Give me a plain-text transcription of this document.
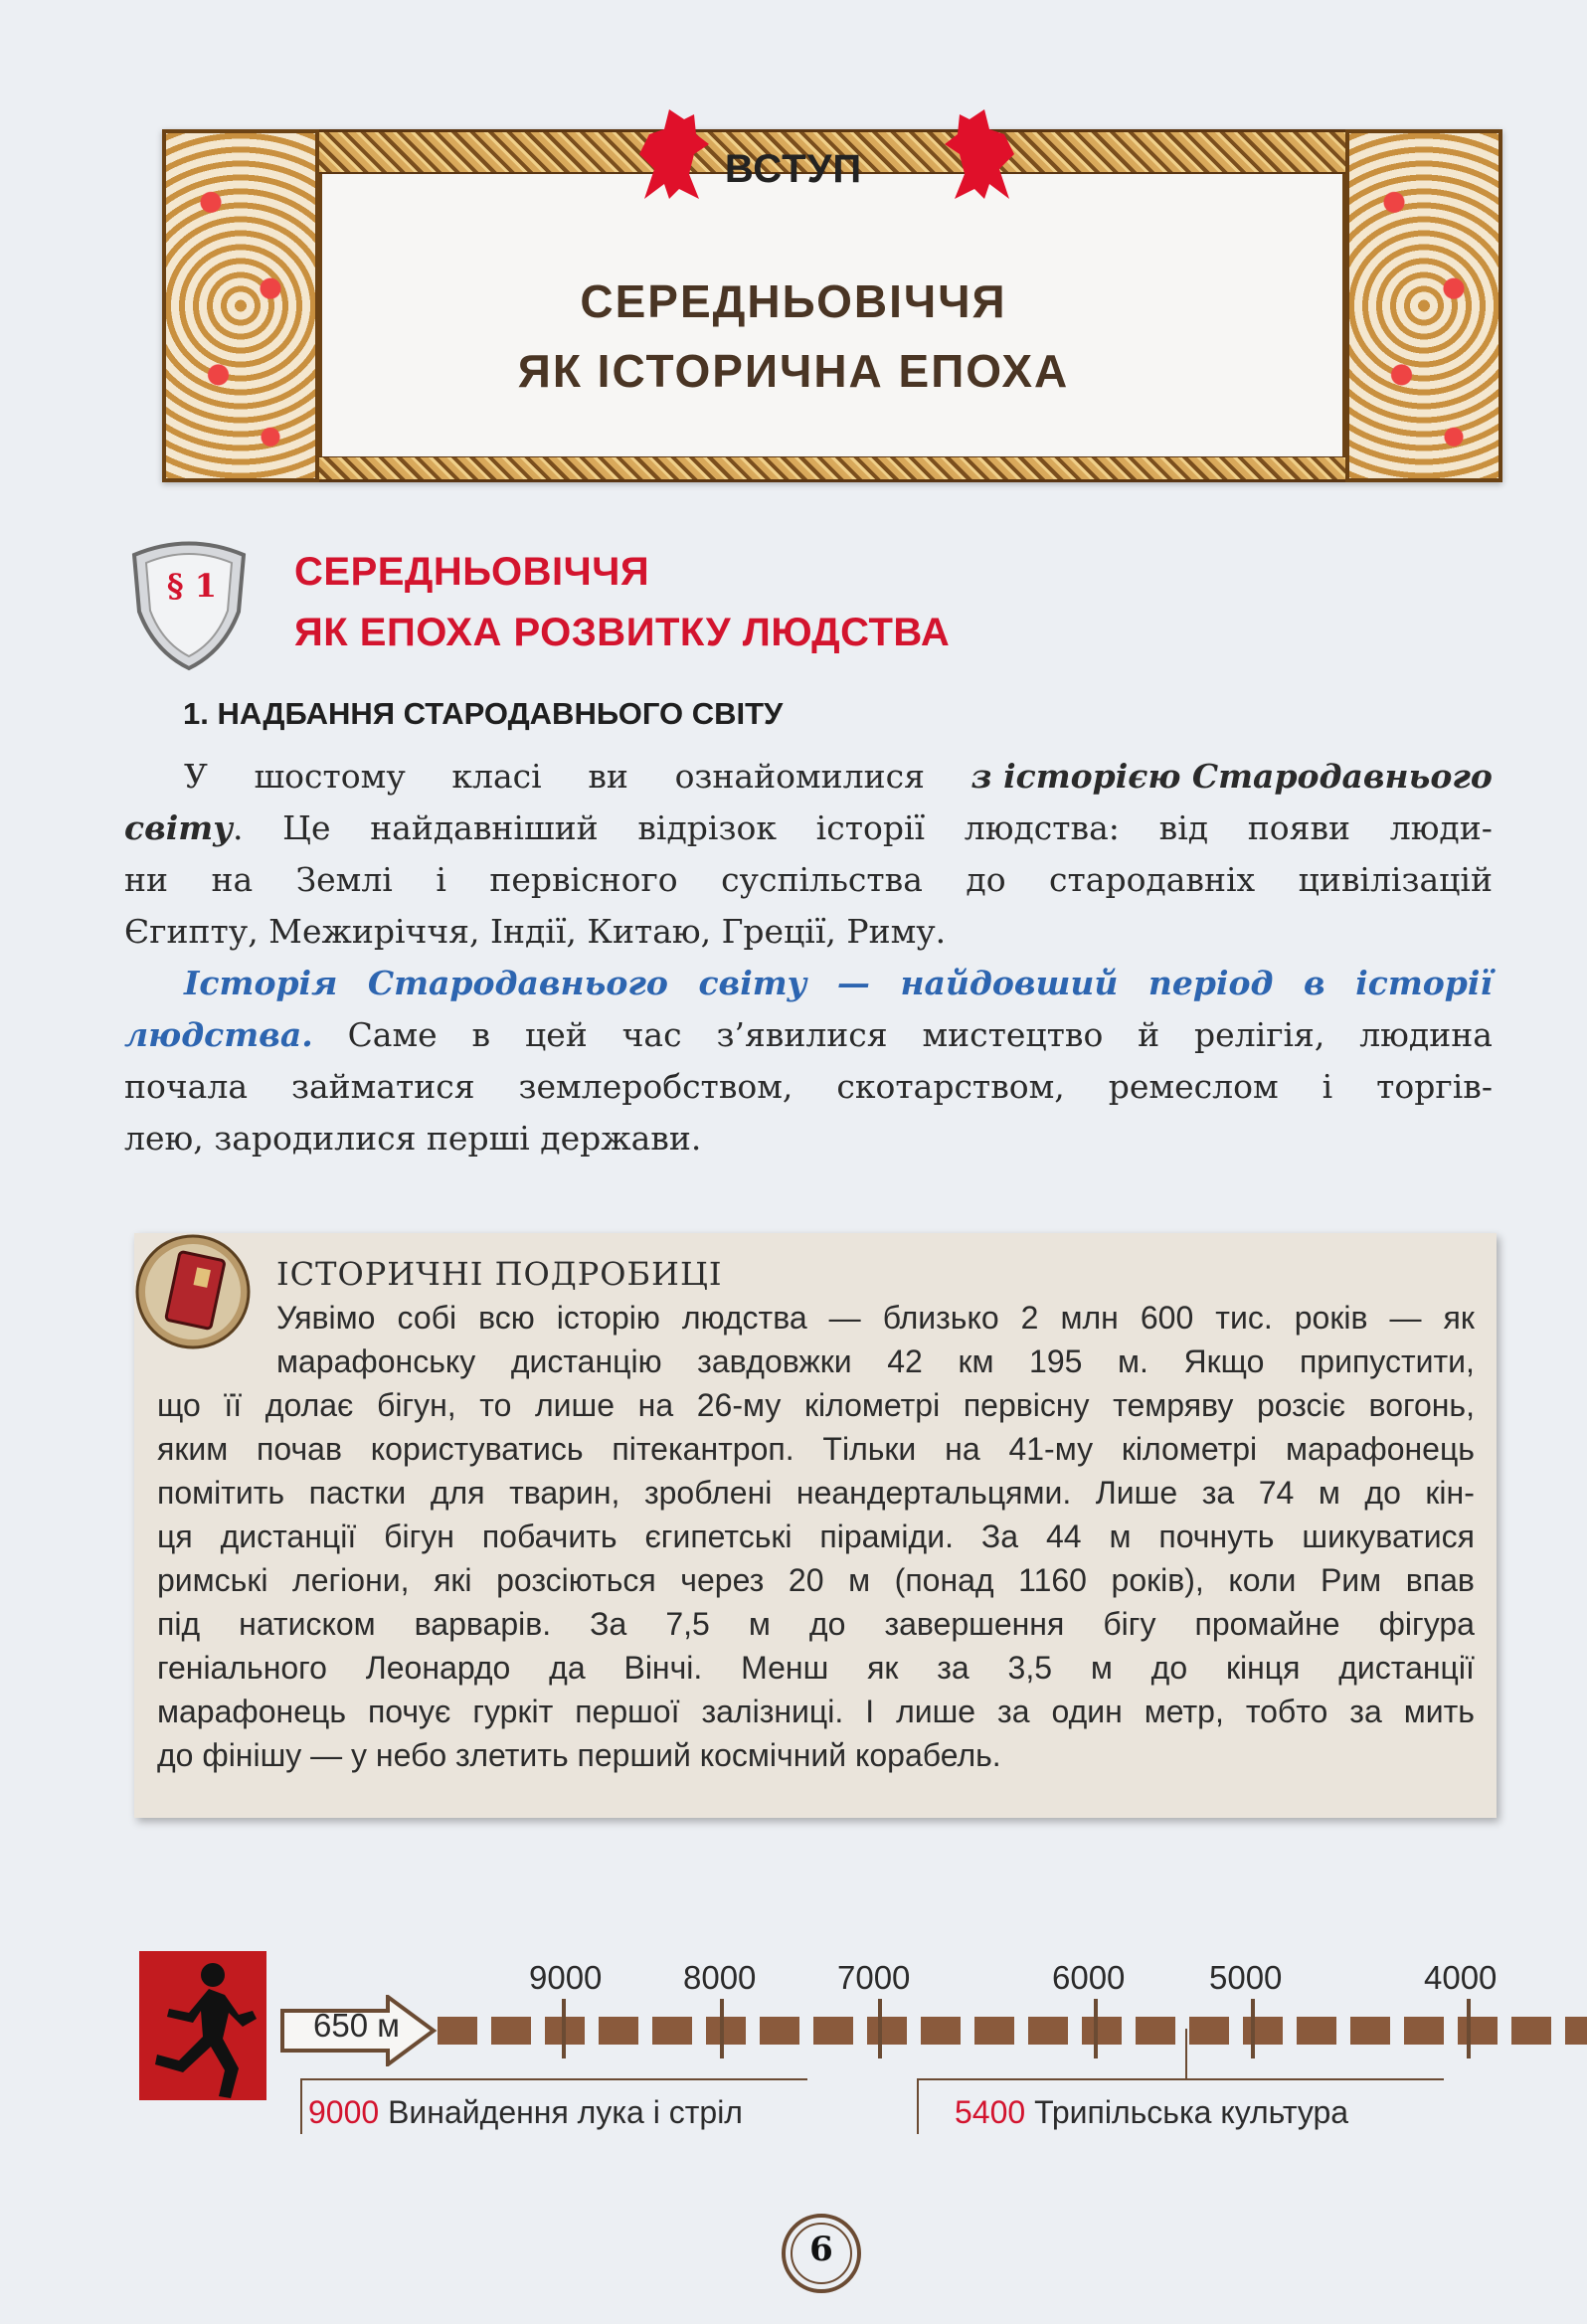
ВСТУП
СЕРЕДНЬОВІЧЧЯ
ЯК ІСТОРИЧНА ЕПОХА
§ 1 СЕРЕДНЬОВІЧЧЯ
ЯК ЕПОХА РОЗВИТКУ ЛЮДСТВА
1. НАДБАННЯ СТАРОДАВНЬОГО СВІТУ
У шостому класі ви ознайомилися з історією Стародавнього
світу. Це найдавніший відрізок історії людства: від появи люди-
ни на Землі і первісного суспільства до стародавніх цивілізацій
Єгипту, Межиріччя, Індії, Китаю, Греції, Риму.
Історія Стародавнього світу — найдовший період в історії
людства. Саме в цей час з’явилися мистецтво й релігія, людина
почала займатися землеробством, скотарством, ремеслом і торгів-
лею, зародилися перші держави.
ІСТОРИЧНІ ПОДРОБИЦІ
Уявімо собі всю історію людства — близько 2 млн 600 тис. років — як
марафонську дистанцію завдовжки 42 км 195 м. Якщо припустити,
що її долає бігун, то лише на 26-му кілометрі первісну темряву розсіє вогонь,
яким почав користуватись пітекантроп. Тільки на 41-му кілометрі марафонець
помітить пастки для тварин, зроблені неандертальцями. Лише за 74 м до кін-
ця дистанції бігун побачить єгипетські піраміди. За 44 м почнуть шикуватися
римські легіони, які розсіються через 20 м (понад 1160 років), коли Рим впав
під натиском варварів. За 7,5 м до завершення бігу промайне фігура
геніального Леонардо да Вінчі. Менш як за 3,5 м до кінця дистанції
марафонець почує гуркіт першої залізниці. І лише за один метр, тобто за мить
до фінішу — у небо злетить перший космічний корабель.
650 м
9000 8000 7000	6000	5000	4000
9000 Винайдення лука і стріл	5400 Трипільська культура
6
